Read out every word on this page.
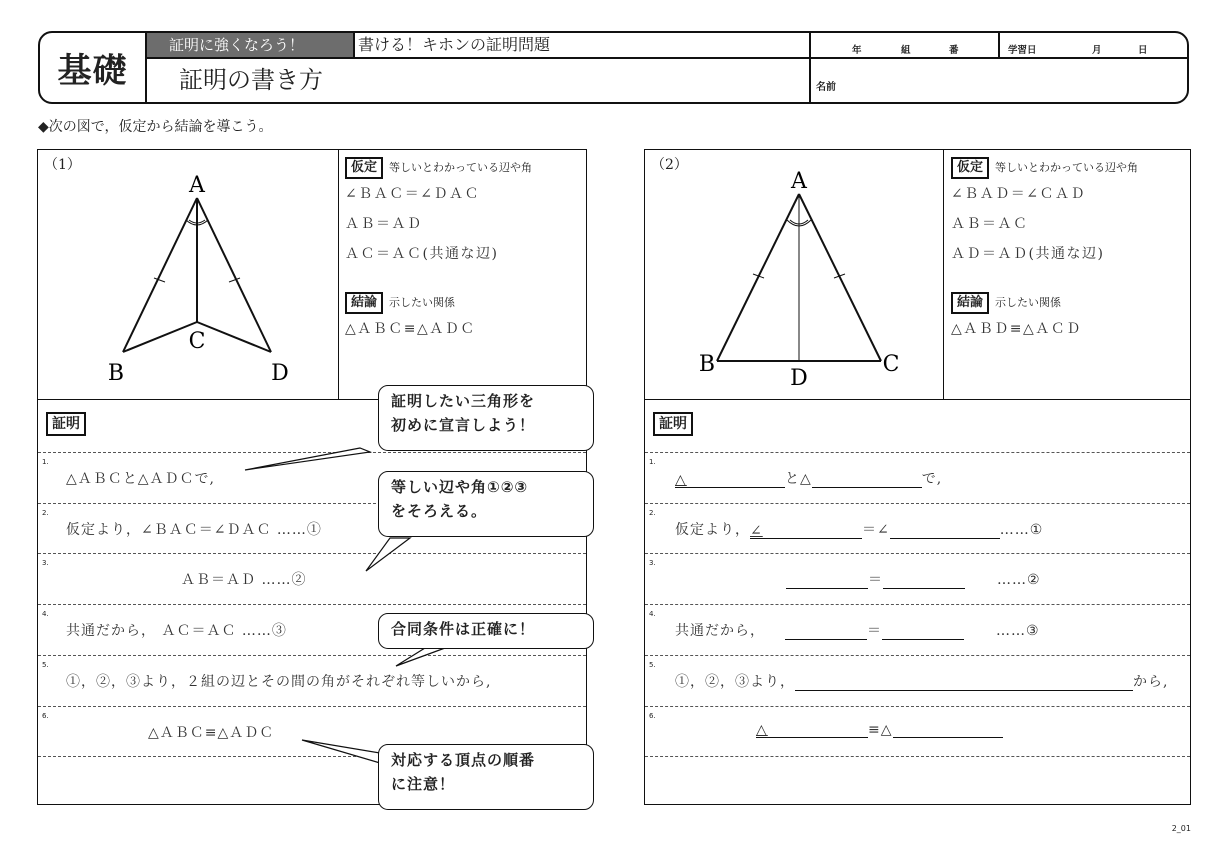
基礎
証明に強くなろう！	書ける！キホンの証明問題
証明の書き方
年	組	番	学習日	月	日
名前
◆次の図で，仮定から結論を導こう。
（1）
A
B
C
D
仮定 等しいとわかっている辺や角
∠ＢＡＣ＝∠ＤＡＣ
ＡＢ＝ＡＤ
ＡＣ＝ＡＣ(共通な辺)
結論 示したい関係
△ＡＢＣ≡△ＡＤＣ
証明
1.
△ＡＢＣと△ＡＤＣで,
2.
仮定より，∠ＢＡＣ＝∠ＤＡＣ ……①
3.
ＡＢ＝ＡＤ ……②
4.
共通だから， ＡＣ＝ＡＣ ……③
5.
①，②，③より，２組の辺とその間の角がそれぞれ等しいから,
6.
△ＡＢＣ≡△ＡＤＣ
証明したい三角形を
初めに宣言しよう！
等しい辺や角①②③
をそろえる。
合同条件は正確に！
対応する頂点の順番
に注意！
（2）
A
B	C
D
仮定 等しいとわかっている辺や角
∠ＢＡＤ＝∠ＣＡＤ
ＡＢ＝ＡＣ
ＡＤ＝ＡＤ(共通な辺)
結論 示したい関係
△ＡＢＤ≡△ＡＣＤ
証明
1.
△	と△	で,
2.
仮定より，∠	＝∠	……①
3.
＝	……②
4.
共通だから，	＝	……③
5.
①，②，③より，	から,
6.
△	≡△
2_01
